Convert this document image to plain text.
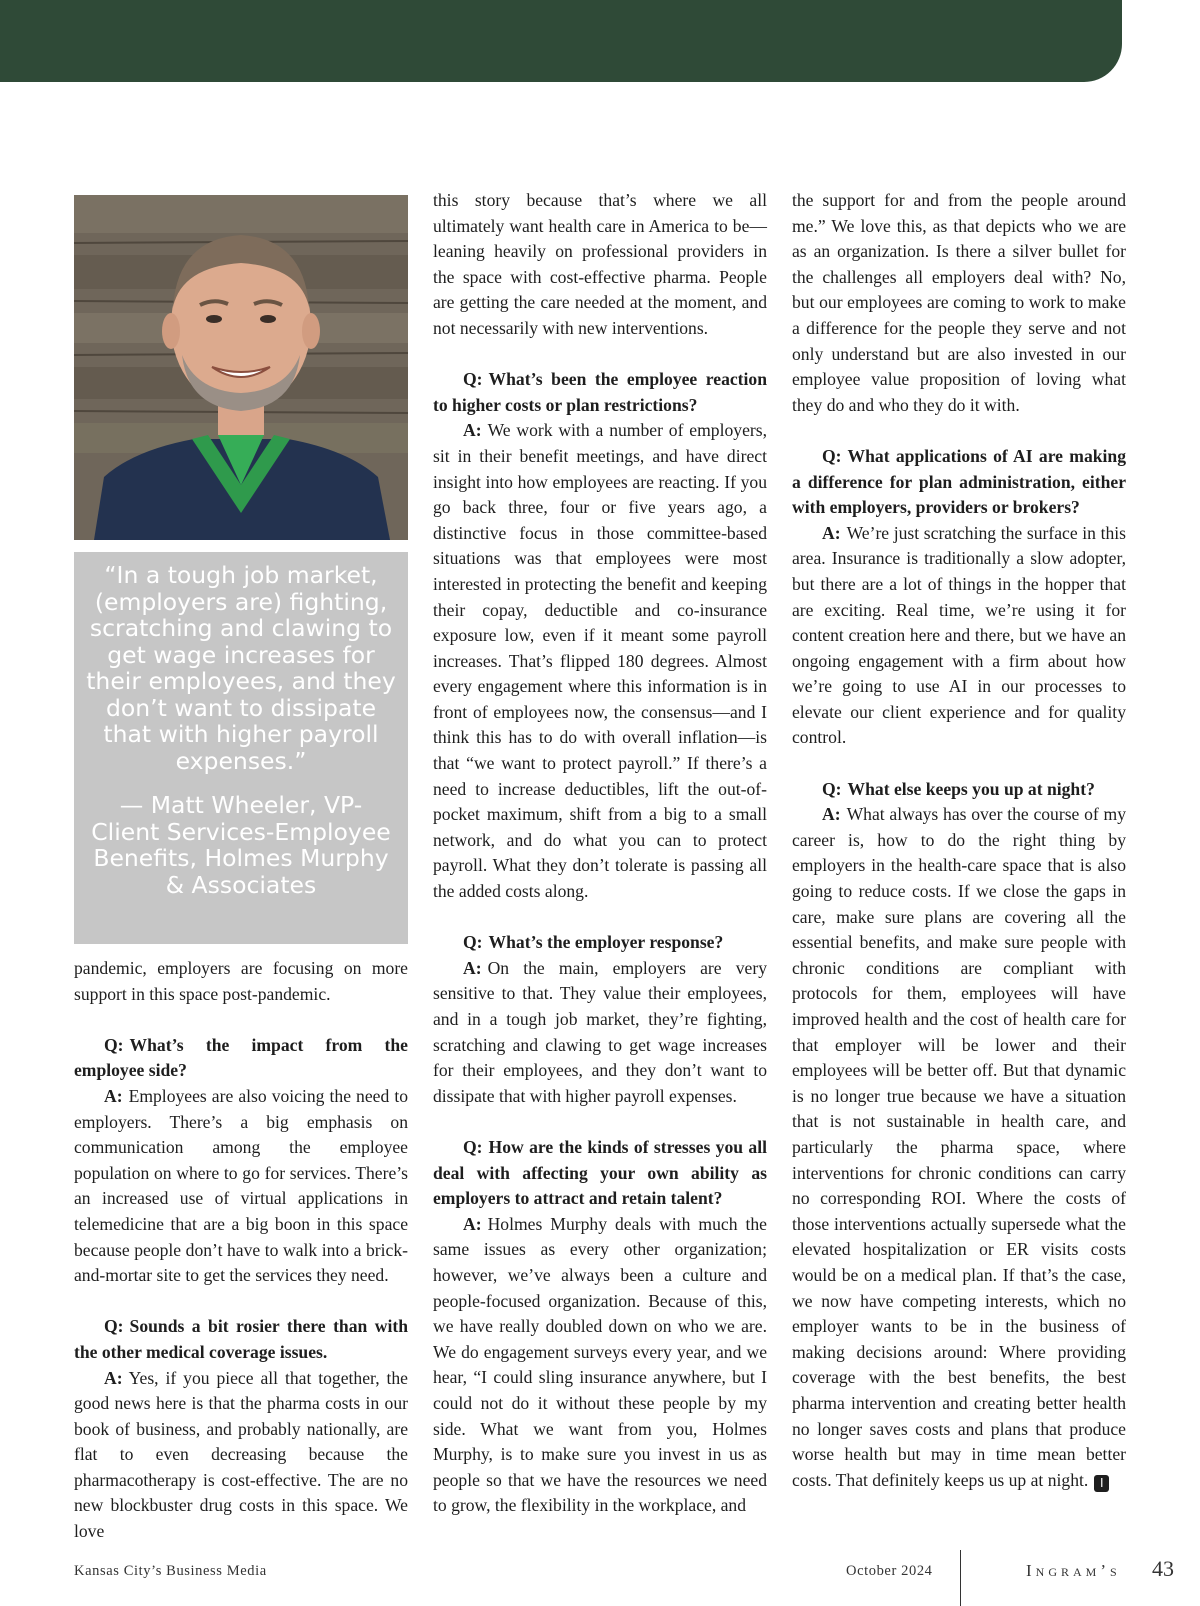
“In a tough job market, (employers are) fighting, scratching and clawing to get wage increases for their employees, and they don’t want to dissipate that with higher payroll expenses.”

— Matt Wheeler, VP-Client Services-Employee Benefits, Holmes Murphy & Associates

pandemic, employers are focusing on more support in this space post-pandemic.

Q: What’s the impact from the employee side?

A: Employees are also voicing the need to employers. There’s a big emphasis on communication among the employee population on where to go for services. There’s an increased use of virtual applications in telemedicine that are a big boon in this space because people don’t have to walk into a brick-and-mortar site to get the services they need.

Q: Sounds a bit rosier there than with the other medical coverage issues.

A: Yes, if you piece all that together, the good news here is that the pharma costs in our book of business, and probably nationally, are flat to even decreasing because the pharmacotherapy is cost-effective. The are no new blockbuster drug costs in this space. We love

this story because that’s where we all ultimately want health care in America to be—leaning heavily on professional providers in the space with cost-effective pharma. People are getting the care needed at the moment, and not necessarily with new interventions.

Q: What’s been the employee reaction to higher costs or plan restrictions?

A: We work with a number of employers, sit in their benefit meetings, and have direct insight into how employees are reacting. If you go back three, four or five years ago, a distinctive focus in those committee-based situations was that employees were most interested in protecting the benefit and keeping their copay, deductible and co-insurance exposure low, even if it meant some payroll increases. That’s flipped 180 degrees. Almost every engagement where this information is in front of employees now, the consensus—and I think this has to do with overall inflation—is that “we want to protect payroll.” If there’s a need to increase deductibles, lift the out-of-pocket maximum, shift from a big to a small network, and do what you can to protect payroll. What they don’t tolerate is passing all the added costs along.

Q: What’s the employer response?

A: On the main, employers are very sensitive to that. They value their employees, and in a tough job market, they’re fighting, scratching and clawing to get wage increases for their employees, and they don’t want to dissipate that with higher payroll expenses.

Q: How are the kinds of stresses you all deal with affecting your own ability as employers to attract and retain talent?

A: Holmes Murphy deals with much the same issues as every other organization; however, we’ve always been a culture and people-focused organization. Because of this, we have really doubled down on who we are. We do engagement surveys every year, and we hear, “I could sling insurance anywhere, but I could not do it without these people by my side. What we want from you, Holmes Murphy, is to make sure you invest in us as people so that we have the resources we need to grow, the flexibility in the workplace, and

the support for and from the people around me.” We love this, as that depicts who we are as an organization. Is there a silver bullet for the challenges all employers deal with? No, but our employees are coming to work to make a difference for the people they serve and not only understand but are also invested in our employee value proposition of loving what they do and who they do it with.

Q: What applications of AI are making a difference for plan administration, either with employers, providers or brokers?

A: We’re just scratching the surface in this area. Insurance is traditionally a slow adopter, but there are a lot of things in the hopper that are exciting. Real time, we’re using it for content creation here and there, but we have an ongoing engagement with a firm about how we’re going to use AI in our processes to elevate our client experience and for quality control.

Q: What else keeps you up at night?

A: What always has over the course of my career is, how to do the right thing by employers in the health-care space that is also going to reduce costs. If we close the gaps in care, make sure plans are covering all the essential benefits, and make sure people with chronic conditions are compliant with protocols for them, employees will have improved health and the cost of health care for that employer will be lower and their employees will be better off. But that dynamic is no longer true because we have a situation that is not sustainable in health care, and particularly the pharma space, where interventions for chronic conditions can carry no corresponding ROI. Where the costs of those interventions actually supersede what the elevated hospitalization or ER visits costs would be on a medical plan. If that’s the case, we now have competing interests, which no employer wants to be in the business of making decisions around: Where providing coverage with the best benefits, the best pharma intervention and creating better health no longer saves costs and plans that produce worse health but may in time mean better costs. That definitely keeps us up at night. I

Kansas City’s Business Media	October 2024	Ingram’s 43
